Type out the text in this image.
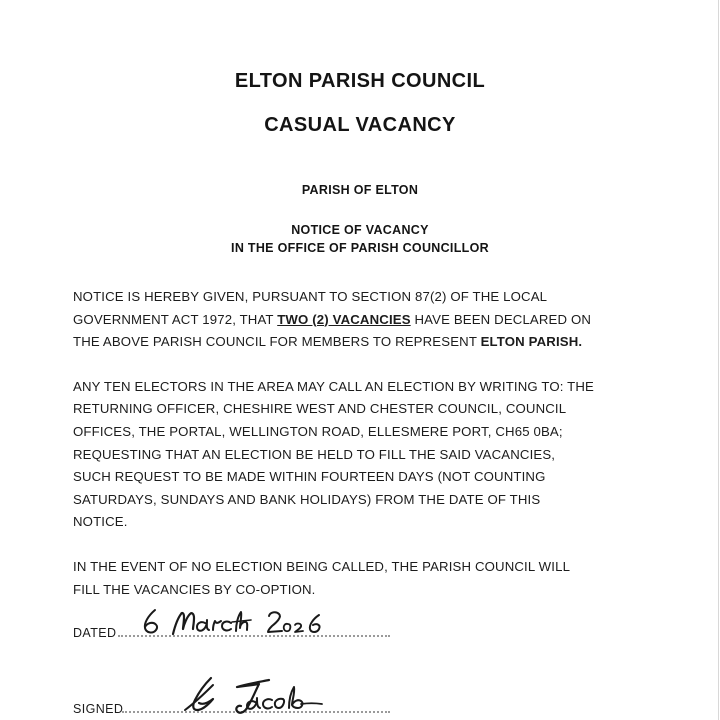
ELTON PARISH COUNCIL
CASUAL VACANCY
PARISH OF ELTON
NOTICE OF VACANCY
IN THE OFFICE OF PARISH COUNCILLOR

NOTICE IS HEREBY GIVEN, PURSUANT TO SECTION 87(2) OF THE LOCAL GOVERNMENT ACT 1972, THAT TWO (2) VACANCIES HAVE BEEN DECLARED ON THE ABOVE PARISH COUNCIL FOR MEMBERS TO REPRESENT ELTON PARISH.

ANY TEN ELECTORS IN THE AREA MAY CALL AN ELECTION BY WRITING TO: THE RETURNING OFFICER, CHESHIRE WEST AND CHESTER COUNCIL, COUNCIL OFFICES, THE PORTAL, WELLINGTON ROAD, ELLESMERE PORT, CH65 0BA; REQUESTING THAT AN ELECTION BE HELD TO FILL THE SAID VACANCIES, SUCH REQUEST TO BE MADE WITHIN FOURTEEN DAYS (NOT COUNTING SATURDAYS, SUNDAYS AND BANK HOLIDAYS) FROM THE DATE OF THIS NOTICE.

IN THE EVENT OF NO ELECTION BEING CALLED, THE PARISH COUNCIL WILL FILL THE VACANCIES BY CO-OPTION.

DATED
SIGNED
